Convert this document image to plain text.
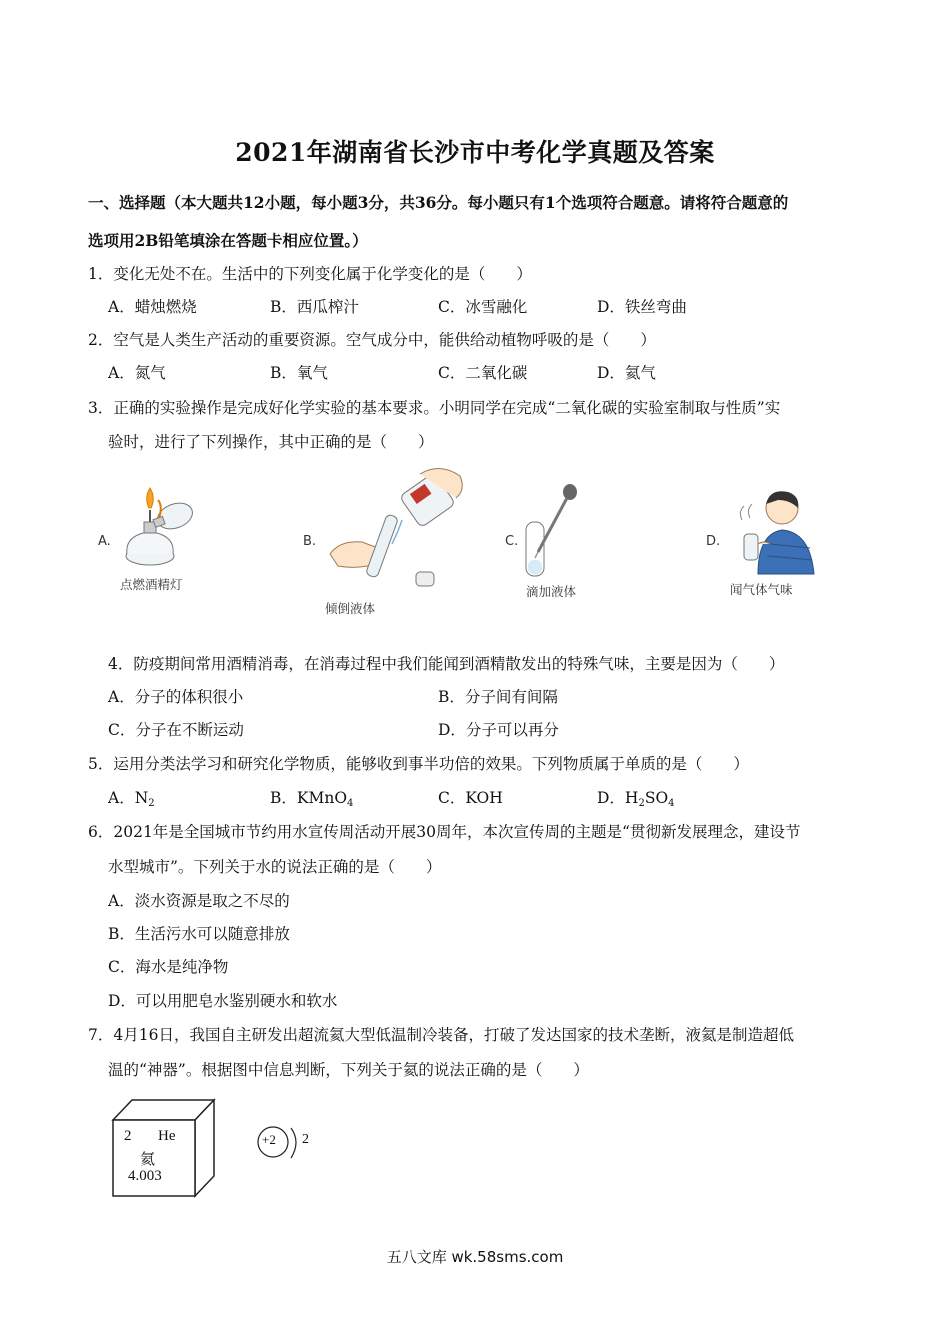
2021年湖南省长沙市中考化学真题及答案
一、选择题（本大题共12小题，每小题3分，共36分。每小题只有1个选项符合题意。请将符合题意的
选项用2B铅笔填涂在答题卡相应位置。）
1．变化无处不在。生活中的下列变化属于化学变化的是（　　）
A．蜡烛燃烧	B．西瓜榨汁	C．冰雪融化	D．铁丝弯曲
2．空气是人类生产活动的重要资源。空气成分中，能供给动植物呼吸的是（　　）
A．氮气	B．氧气	C．二氧化碳	D．氦气
3．正确的实验操作是完成好化学实验的基本要求。小明同学在完成“二氧化碳的实验室制取与性质”实
验时，进行了下列操作，其中正确的是（　　）
A.
点燃酒精灯
B.
倾倒液体
C.
滴加液体
D.
闻气体气味
4．防疫期间常用酒精消毒，在消毒过程中我们能闻到酒精散发出的特殊气味，主要是因为（　　）
A．分子的体积很小	B．分子间有间隔
C．分子在不断运动	D．分子可以再分
5．运用分类法学习和研究化学物质，能够收到事半功倍的效果。下列物质属于单质的是（　　）
A．$N_2$	B．KMnO$_4$	C．KOH	D．$H_2SO_4$
6．2021年是全国城市节约用水宣传周活动开展30周年，本次宣传周的主题是“贯彻新发展理念，建设节
水型城市”。下列关于水的说法正确的是（　　）
A．淡水资源是取之不尽的
B．生活污水可以随意排放
C．海水是纯净物
D．可以用肥皂水鉴别硬水和软水
7．4月16日，我国自主研发出超流氦大型低温制冷装备，打破了发达国家的技术垄断，液氦是制造超低
温的“神器”。根据图中信息判断，下列关于氦的说法正确的是（　　）
2 He
氦
4.003
+2 2
五八文库 wk.58sms.com
